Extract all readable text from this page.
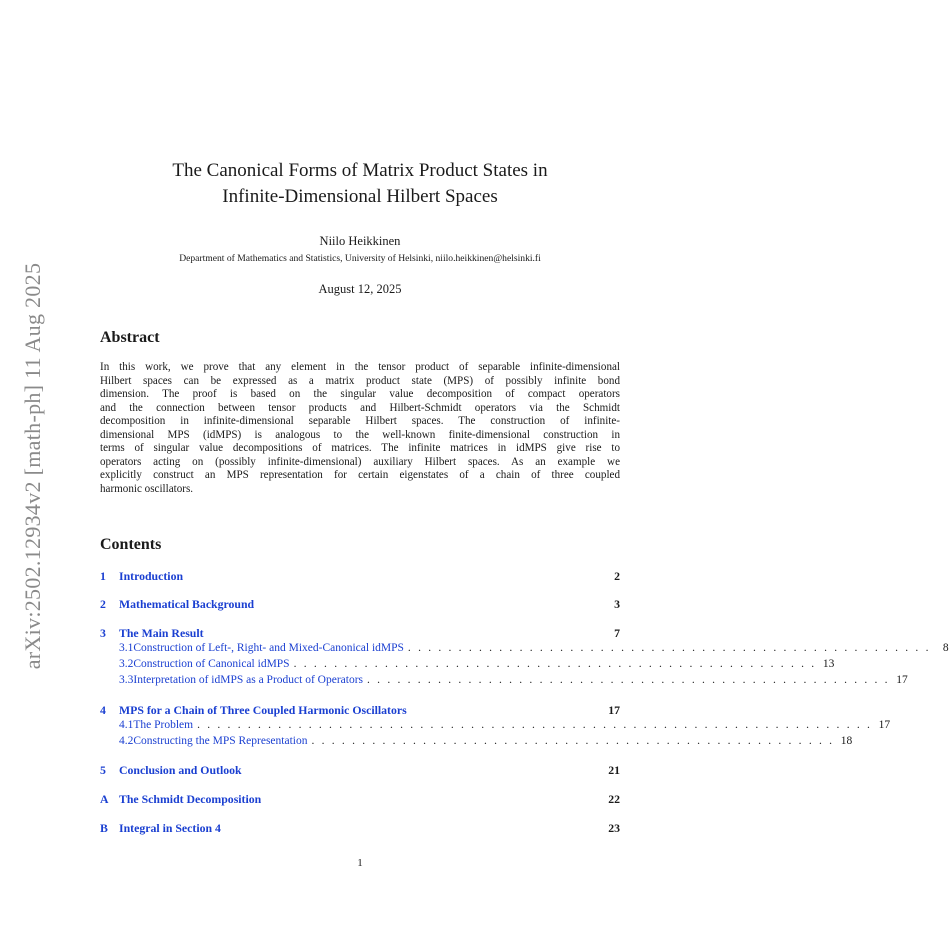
arXiv:2502.12934v2 [math-ph] 11 Aug 2025
The Canonical Forms of Matrix Product States in
Infinite-Dimensional Hilbert Spaces
Niilo Heikkinen
Department of Mathematics and Statistics, University of Helsinki, niilo.heikkinen@helsinki.fi
August 12, 2025
Abstract
In this work, we prove that any element in the tensor product of separable infinite-dimensional
Hilbert spaces can be expressed as a matrix product state (MPS) of possibly infinite bond
dimension. The proof is based on the singular value decomposition of compact operators
and the connection between tensor products and Hilbert-Schmidt operators via the Schmidt
decomposition in infinite-dimensional separable Hilbert spaces. The construction of infinite-
dimensional MPS (idMPS) is analogous to the well-known finite-dimensional construction in
terms of singular value decompositions of matrices. The infinite matrices in idMPS give rise to
operators acting on (possibly infinite-dimensional) auxiliary Hilbert spaces. As an example we
explicitly construct an MPS representation for certain eigenstates of a chain of three coupled
harmonic oscillators.
Contents
1	Introduction	2
2	Mathematical Background	3
3	The Main Result	7
3.1 Construction of Left-, Right- and Mixed-Canonical idMPS . . . . . . . . . . . . . . . . . . . . . . . . . . . . . . . . . . . . . . . . . . . . . . . . . . . .	8
3.2 Construction of Canonical idMPS . . . . . . . . . . . . . . . . . . . . . . . . . . . . . . . . . . . . . . . . . . . . . . . . . . . . 13
3.3 Interpretation of idMPS as a Product of Operators . . . . . . . . . . . . . . . . . . . . . . . . . . . . . . . . . . . . . . . . . . . . . . . . . . . . 17
4	MPS for a Chain of Three Coupled Harmonic Oscillators	17
4.1 The Problem . . . . . . . . . . . . . . . . . . . . . . . . . . . . . . . . . . . . . . . . . . . . . . . . . . . . . . . . . . . . . . . . . . . 17
4.2 Constructing the MPS Representation . . . . . . . . . . . . . . . . . . . . . . . . . . . . . . . . . . . . . . . . . . . . . . . . . . . . 18
5	Conclusion and Outlook	21
A The Schmidt Decomposition	22
B Integral in Section 4	23
1
